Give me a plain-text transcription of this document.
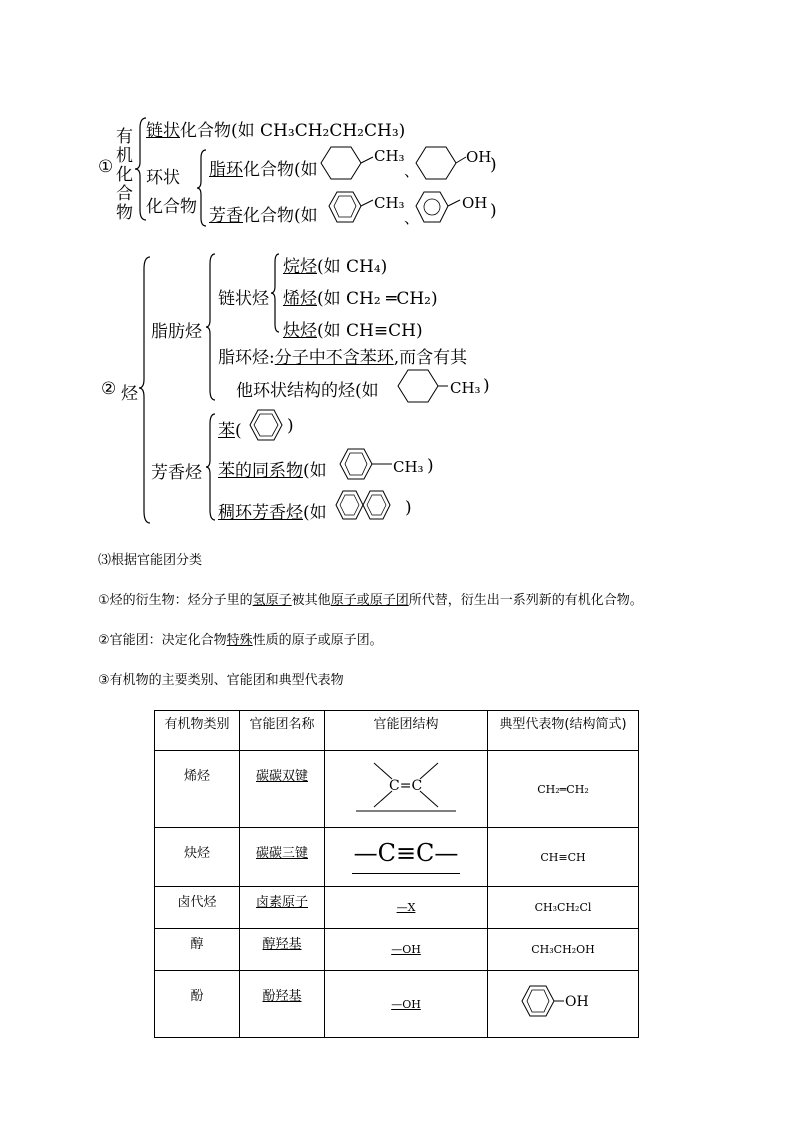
①
有
机
化
合
物
链状化合物(如 CH₃CH₂CH₂CH₃)
环状
化合物
脂环化合物(如
CH₃
、
OH
)
芳香化合物(如
CH₃
、
OH )
② 烃
脂肪烃
链状烃
烷烃(如 CH₄)
烯烃(如 CH₂ ═CH₂)
炔烃(如 CH≡CH)
脂环烃:分子中不含苯环,而含有其
他环状结构的烃(如	CH₃ )
芳香烃
苯(	)
苯的同系物(如	CH₃ )
稠环芳香烃(如	)
⑶根据官能团分类
①烃的衍生物：烃分子里的氢原子被其他原子或原子团所代替，衍生出一系列新的有机化合物。
②官能团：决定化合物特殊性质的原子或原子团。
③有机物的主要类别、官能团和典型代表物
有机物类别	官能团名称	官能团结构	典型代表物(结构简式)
烯烃	碳碳双键	C=C	CH₂═CH₂
炔烃	碳碳三键	—C≡C—	CH≡CH
卤代烃	卤素原子	—X	CH₃CH₂Cl
醇	醇羟基	—OH	CH₃CH₂OH
酚	酚羟基	—OH	OH
